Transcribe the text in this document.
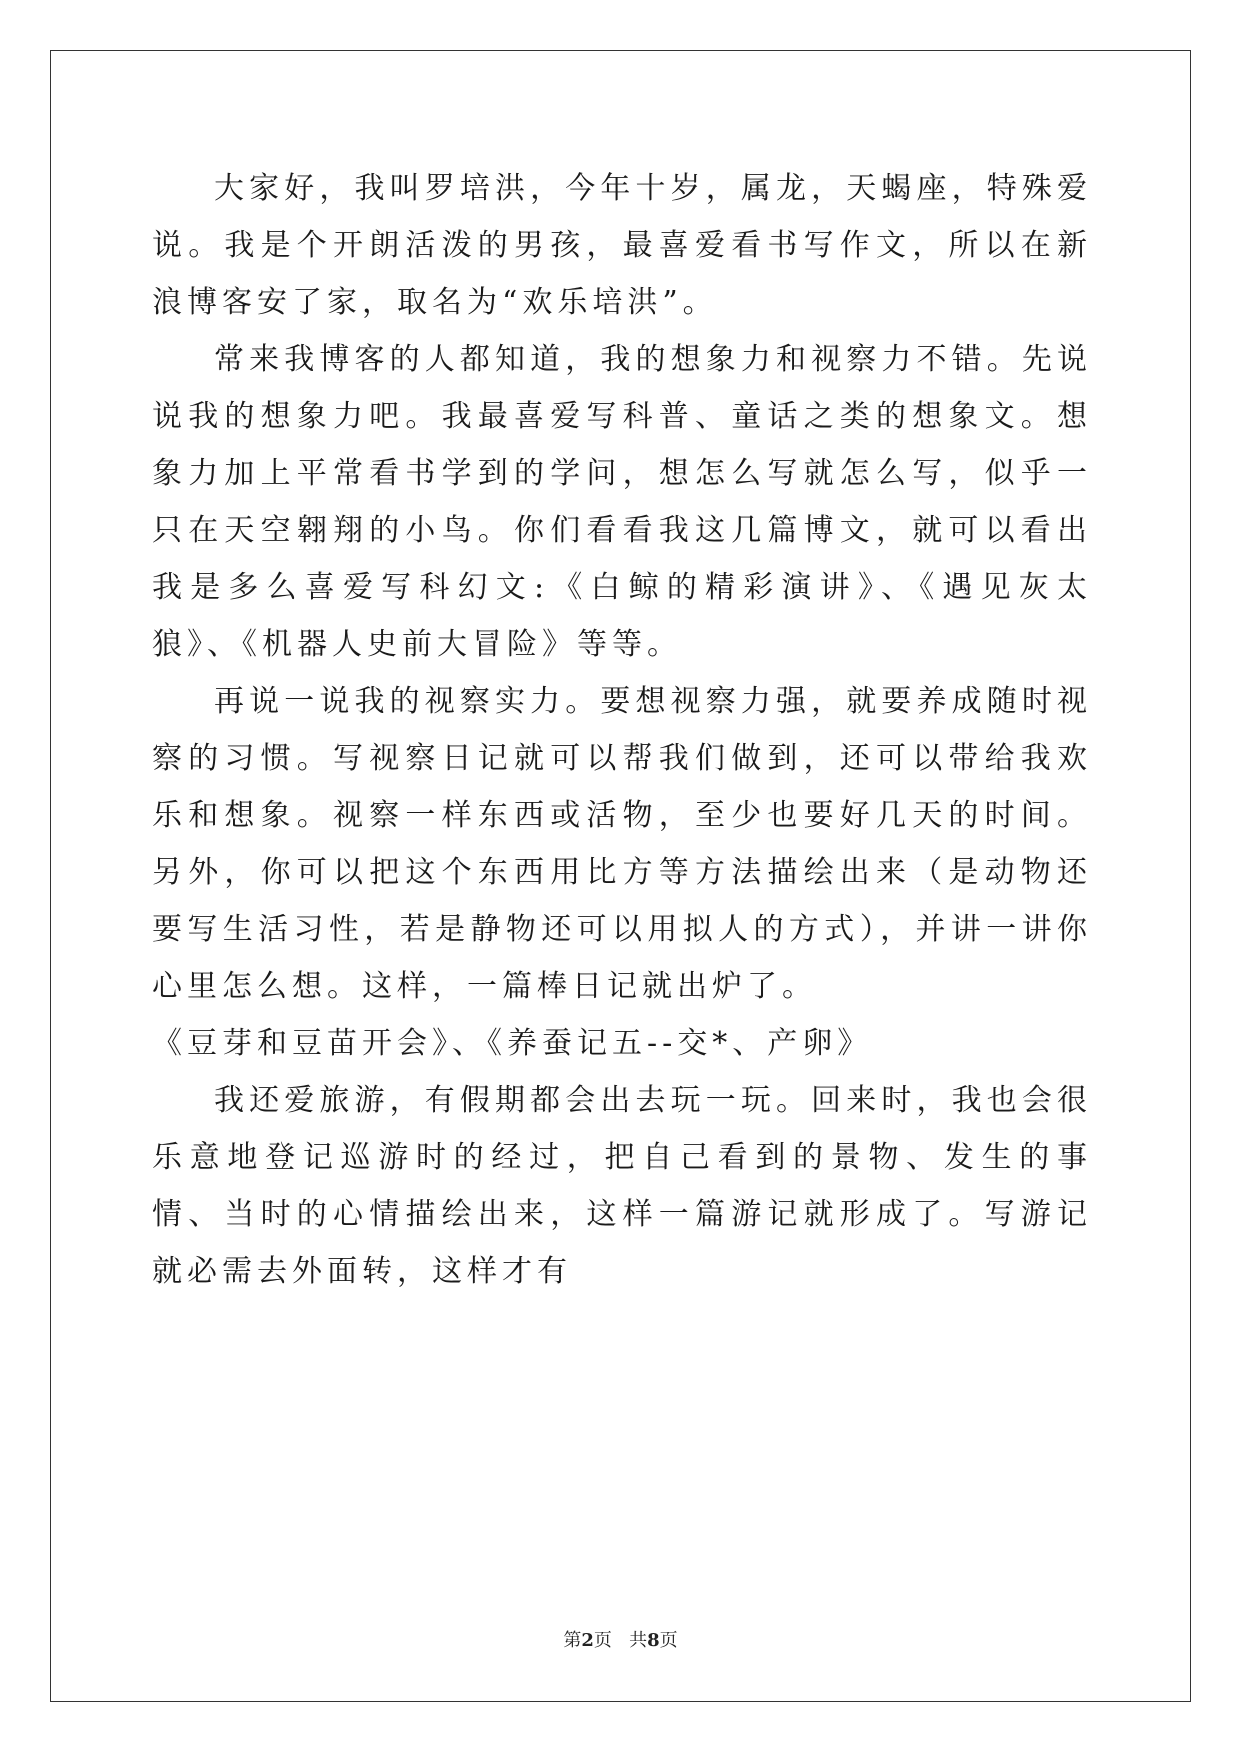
大家好，我叫罗培洪，今年十岁，属龙，天蝎座，特殊爱说。我是个开朗活泼的男孩，最喜爱看书写作文，所以在新浪博客安了家，取名为“欢乐培洪”。

常来我博客的人都知道，我的想象力和视察力不错。先说说我的想象力吧。我最喜爱写科普、童话之类的想象文。想象力加上平常看书学到的学问，想怎么写就怎么写，似乎一只在天空翱翔的小鸟。你们看看我这几篇博文，就可以看出我是多么喜爱写科幻文:《白鲸的精彩演讲》、《遇见灰太狼》、《机器人史前大冒险》等等。

再说一说我的视察实力。要想视察力强，就要养成随时视察的习惯。写视察日记就可以帮我们做到，还可以带给我欢乐和想象。视察一样东西或活物，至少也要好几天的时间。另外，你可以把这个东西用比方等方法描绘出来（是动物还要写生活习性，若是静物还可以用拟人的方式），并讲一讲你心里怎么想。这样，一篇棒日记就出炉了。

《豆芽和豆苗开会》、《养蚕记五--交*、产卵》

我还爱旅游，有假期都会出去玩一玩。回来时，我也会很乐意地登记巡游时的经过，把自己看到的景物、发生的事情、当时的心情描绘出来，这样一篇游记就形成了。写游记就必需去外面转，这样才有

第2页 共8页
